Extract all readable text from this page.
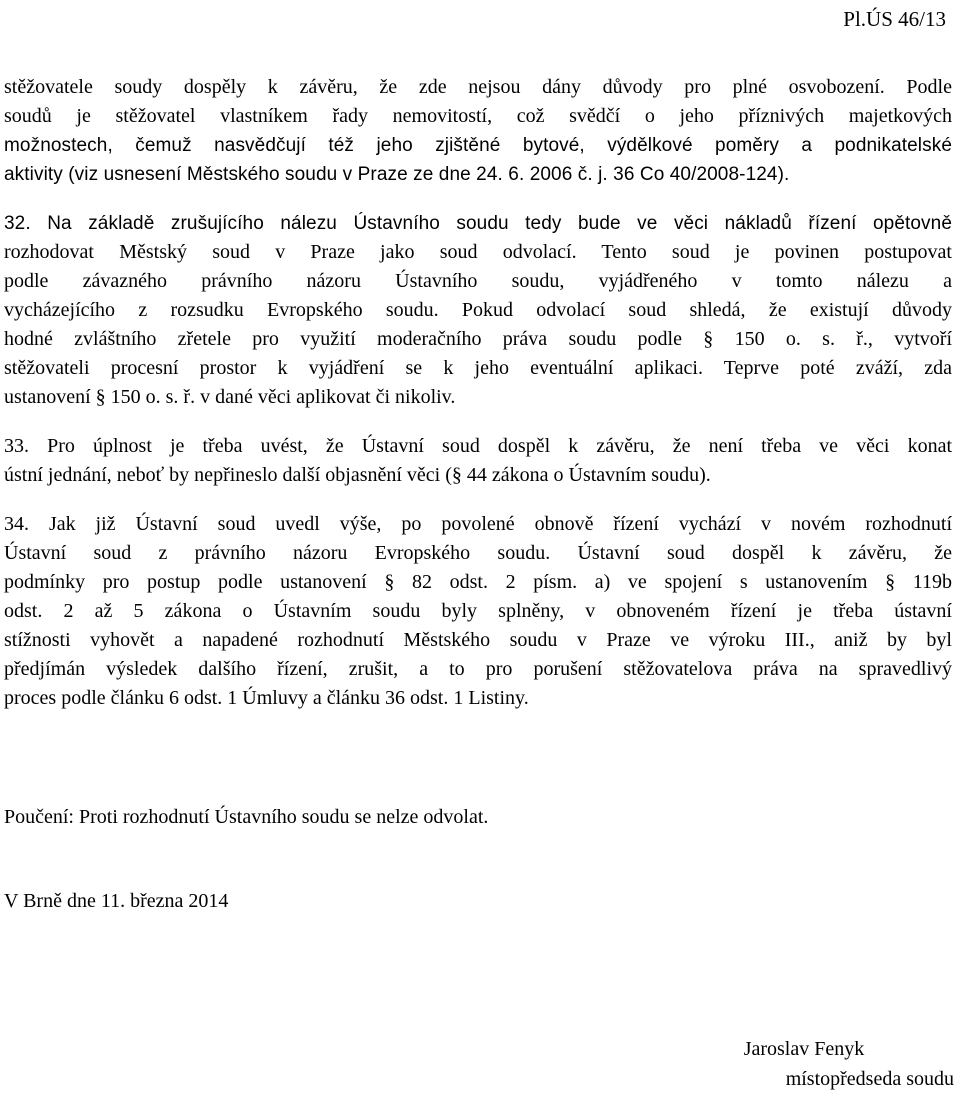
Pl.ÚS 46/13
stěžovatele soudy dospěly k závěru, že zde nejsou dány důvody pro plné osvobození. Podle
soudů je stěžovatel vlastníkem řady nemovitostí, což svědčí o jeho příznivých majetkových
možnostech, čemuž nasvědčují též jeho zjištěné bytové, výdělkové poměry a podnikatelské
aktivity (viz usnesení Městského soudu v Praze ze dne 24. 6. 2006 č. j. 36 Co 40/2008-124).
32. Na základě zrušujícího nálezu Ústavního soudu tedy bude ve věci nákladů řízení opětovně
rozhodovat Městský soud v Praze jako soud odvolací. Tento soud je povinen postupovat
podle závazného právního názoru Ústavního soudu, vyjádřeného v tomto nálezu a
vycházejícího z rozsudku Evropského soudu. Pokud odvolací soud shledá, že existují důvody
hodné zvláštního zřetele pro využití moderačního práva soudu podle § 150 o. s. ř., vytvoří
stěžovateli procesní prostor k vyjádření se k jeho eventuální aplikaci. Teprve poté zváží, zda
ustanovení § 150 o. s. ř. v dané věci aplikovat či nikoliv.
33. Pro úplnost je třeba uvést, že Ústavní soud dospěl k závěru, že není třeba ve věci konat
ústní jednání, neboť by nepřineslo další objasnění věci (§ 44 zákona o Ústavním soudu).
34. Jak již Ústavní soud uvedl výše, po povolené obnově řízení vychází v novém rozhodnutí
Ústavní soud z právního názoru Evropského soudu. Ústavní soud dospěl k závěru, že
podmínky pro postup podle ustanovení § 82 odst. 2 písm. a) ve spojení s ustanovením § 119b
odst. 2 až 5 zákona o Ústavním soudu byly splněny, v obnoveném řízení je třeba ústavní
stížnosti vyhovět a napadené rozhodnutí Městského soudu v Praze ve výroku III., aniž by byl
předjímán výsledek dalšího řízení, zrušit, a to pro porušení stěžovatelova práva na spravedlivý
proces podle článku 6 odst. 1 Úmluvy a článku 36 odst. 1 Listiny.
Poučení: Proti rozhodnutí Ústavního soudu se nelze odvolat.
V Brně dne 11. března 2014
Jaroslav Fenyk
místopředseda soudu
